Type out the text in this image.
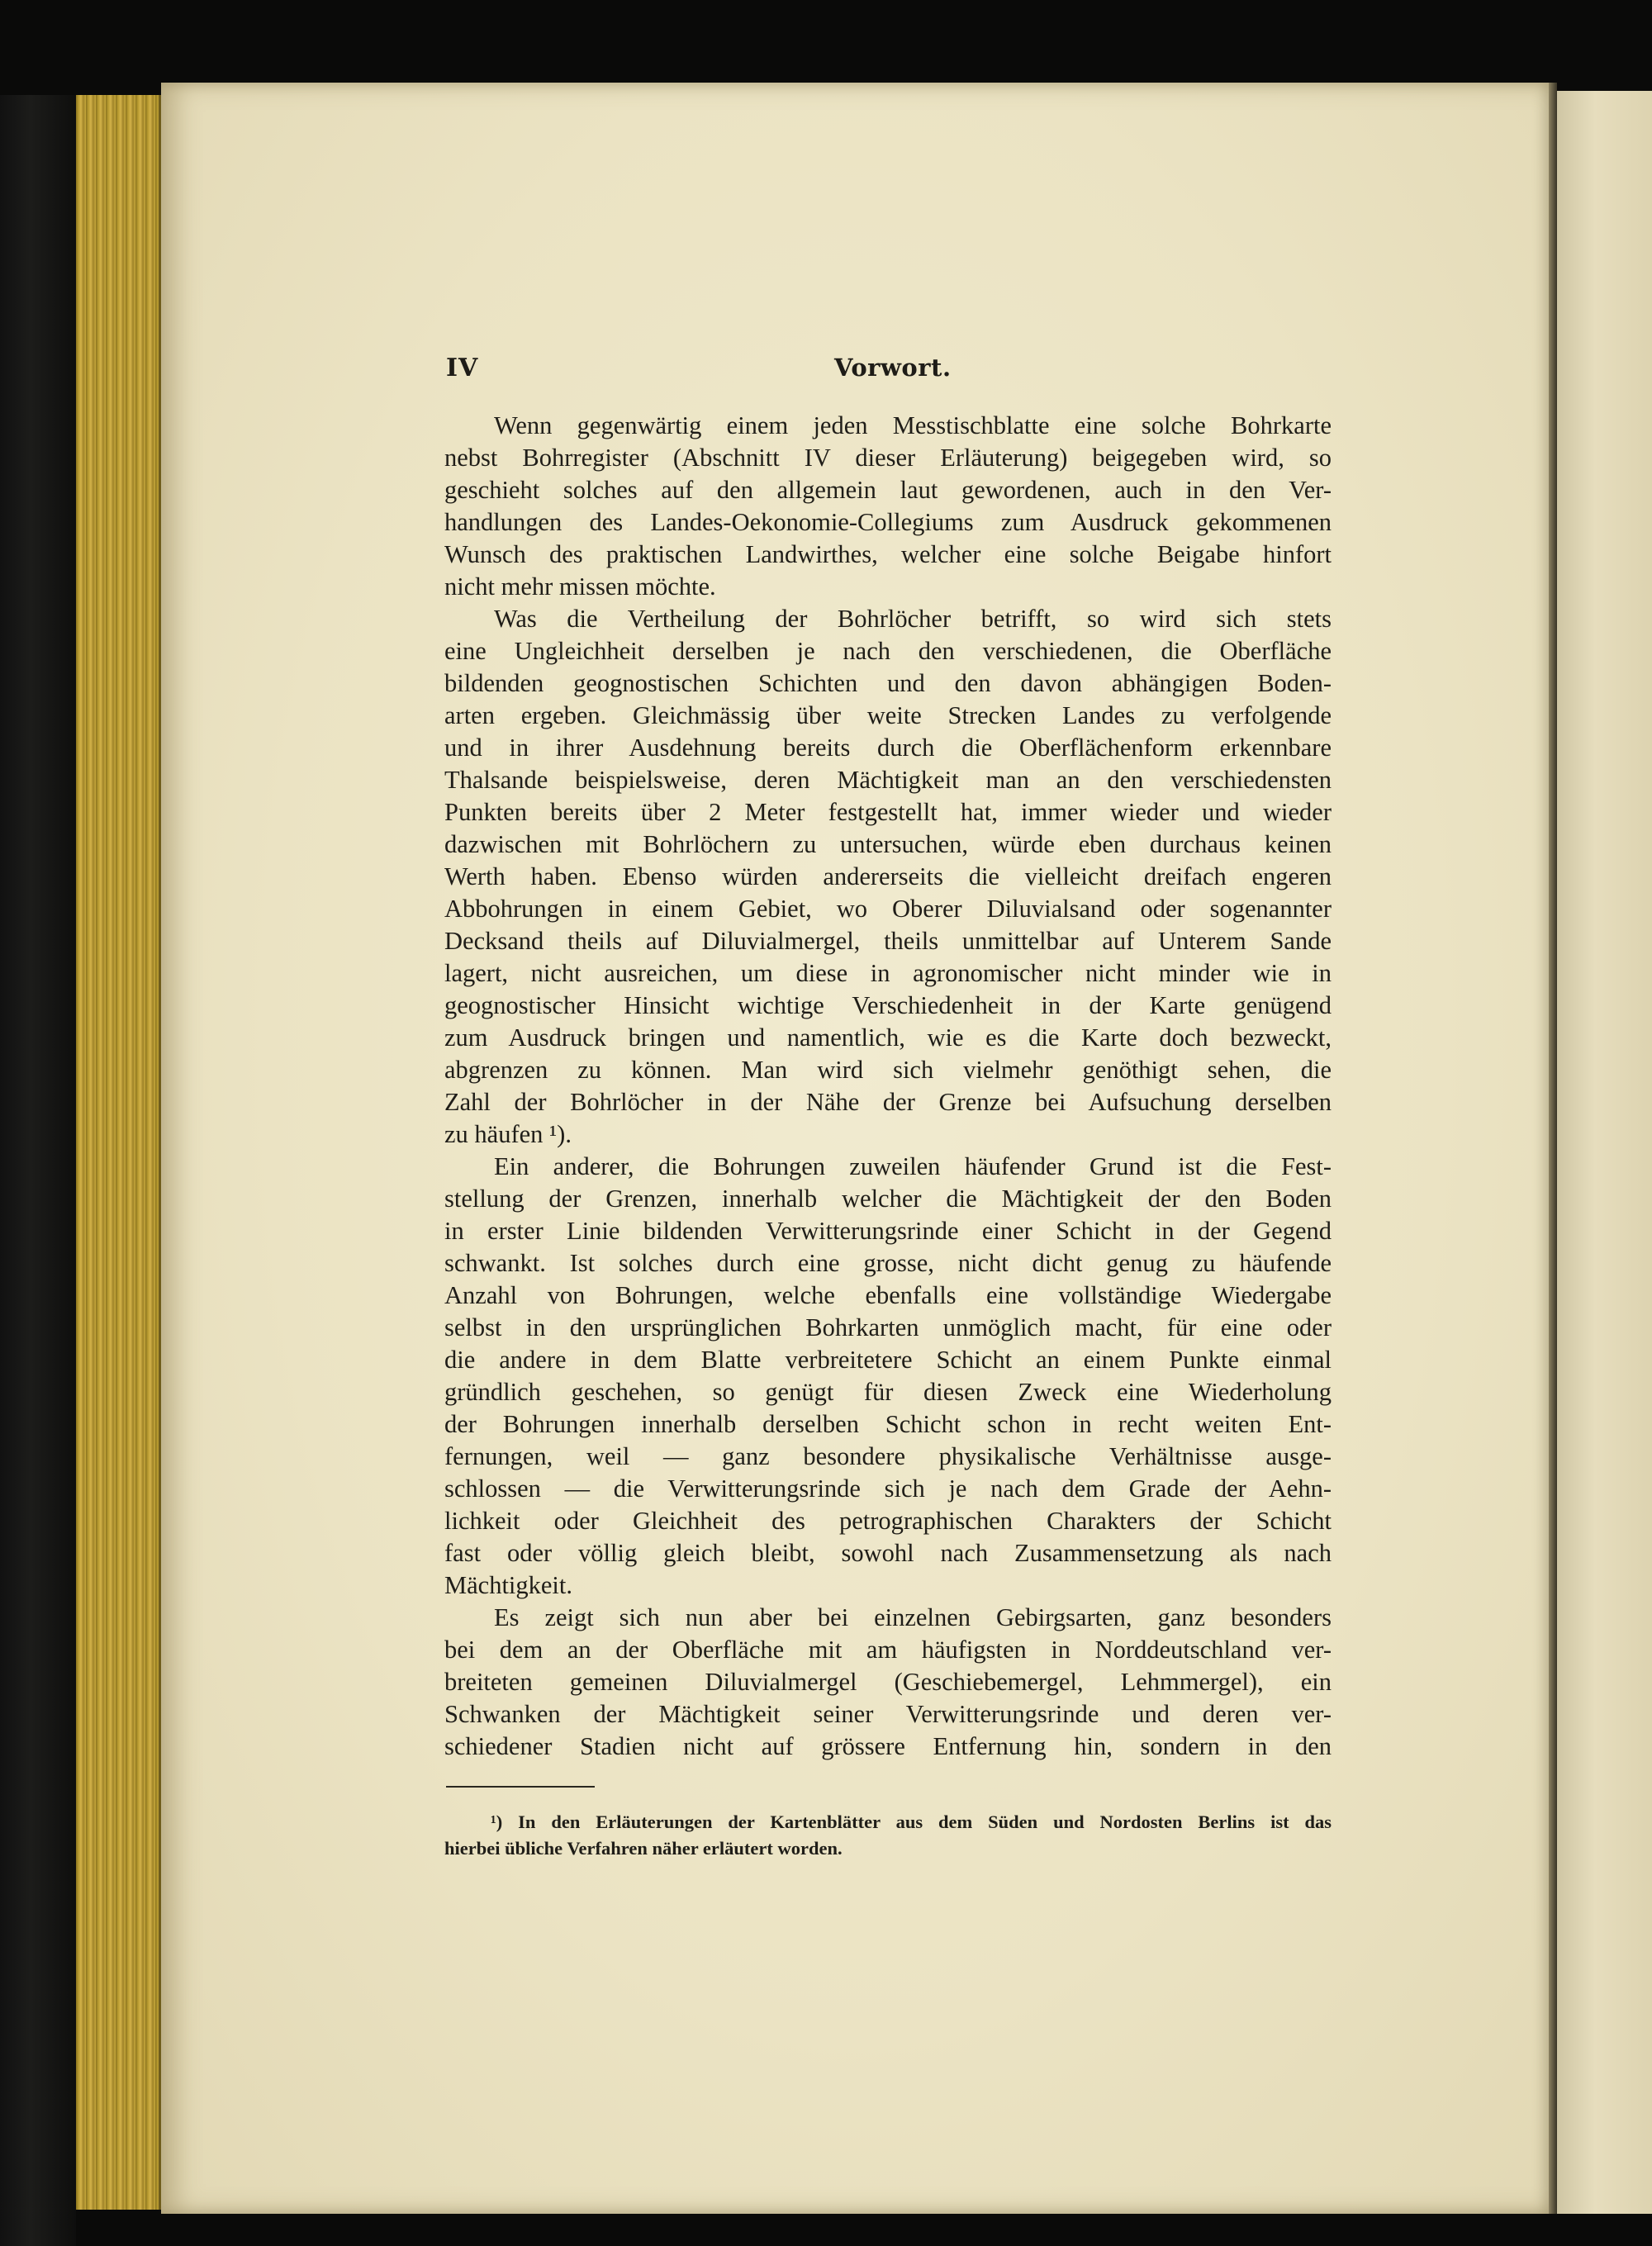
IV	Vorwort.

Wenn gegenwärtig einem jeden Messtischblatte eine solche Bohrkarte
nebst Bohrregister (Abschnitt IV dieser Erläuterung) beigegeben wird, so
geschieht solches auf den allgemein laut gewordenen, auch in den Ver-
handlungen des Landes-Oekonomie-Collegiums zum Ausdruck gekommenen
Wunsch des praktischen Landwirthes, welcher eine solche Beigabe hinfort
nicht mehr missen möchte.

Was die Vertheilung der Bohrlöcher betrifft, so wird sich stets
eine Ungleichheit derselben je nach den verschiedenen, die Oberfläche
bildenden geognostischen Schichten und den davon abhängigen Boden-
arten ergeben. Gleichmässig über weite Strecken Landes zu verfolgende
und in ihrer Ausdehnung bereits durch die Oberflächenform erkennbare
Thalsande beispielsweise, deren Mächtigkeit man an den verschiedensten
Punkten bereits über 2 Meter festgestellt hat, immer wieder und wieder
dazwischen mit Bohrlöchern zu untersuchen, würde eben durchaus keinen
Werth haben. Ebenso würden andererseits die vielleicht dreifach engeren
Abbohrungen in einem Gebiet, wo Oberer Diluvialsand oder sogenannter
Decksand theils auf Diluvialmergel, theils unmittelbar auf Unterem Sande
lagert, nicht ausreichen, um diese in agronomischer nicht minder wie in
geognostischer Hinsicht wichtige Verschiedenheit in der Karte genügend
zum Ausdruck bringen und namentlich, wie es die Karte doch bezweckt,
abgrenzen zu können. Man wird sich vielmehr genöthigt sehen, die
Zahl der Bohrlöcher in der Nähe der Grenze bei Aufsuchung derselben
zu häufen ¹).

Ein anderer, die Bohrungen zuweilen häufender Grund ist die Fest-
stellung der Grenzen, innerhalb welcher die Mächtigkeit der den Boden
in erster Linie bildenden Verwitterungsrinde einer Schicht in der Gegend
schwankt. Ist solches durch eine grosse, nicht dicht genug zu häufende
Anzahl von Bohrungen, welche ebenfalls eine vollständige Wiedergabe
selbst in den ursprünglichen Bohrkarten unmöglich macht, für eine oder
die andere in dem Blatte verbreitetere Schicht an einem Punkte einmal
gründlich geschehen, so genügt für diesen Zweck eine Wiederholung
der Bohrungen innerhalb derselben Schicht schon in recht weiten Ent-
fernungen, weil — ganz besondere physikalische Verhältnisse ausge-
schlossen — die Verwitterungsrinde sich je nach dem Grade der Aehn-
lichkeit oder Gleichheit des petrographischen Charakters der Schicht
fast oder völlig gleich bleibt, sowohl nach Zusammensetzung als nach
Mächtigkeit.

Es zeigt sich nun aber bei einzelnen Gebirgsarten, ganz besonders
bei dem an der Oberfläche mit am häufigsten in Norddeutschland ver-
breiteten gemeinen Diluvialmergel (Geschiebemergel, Lehmmergel), ein
Schwanken der Mächtigkeit seiner Verwitterungsrinde und deren ver-
schiedener Stadien nicht auf grössere Entfernung hin, sondern in den

¹) In den Erläuterungen der Kartenblätter aus dem Süden und Nordosten Berlins ist das
hierbei übliche Verfahren näher erläutert worden.
